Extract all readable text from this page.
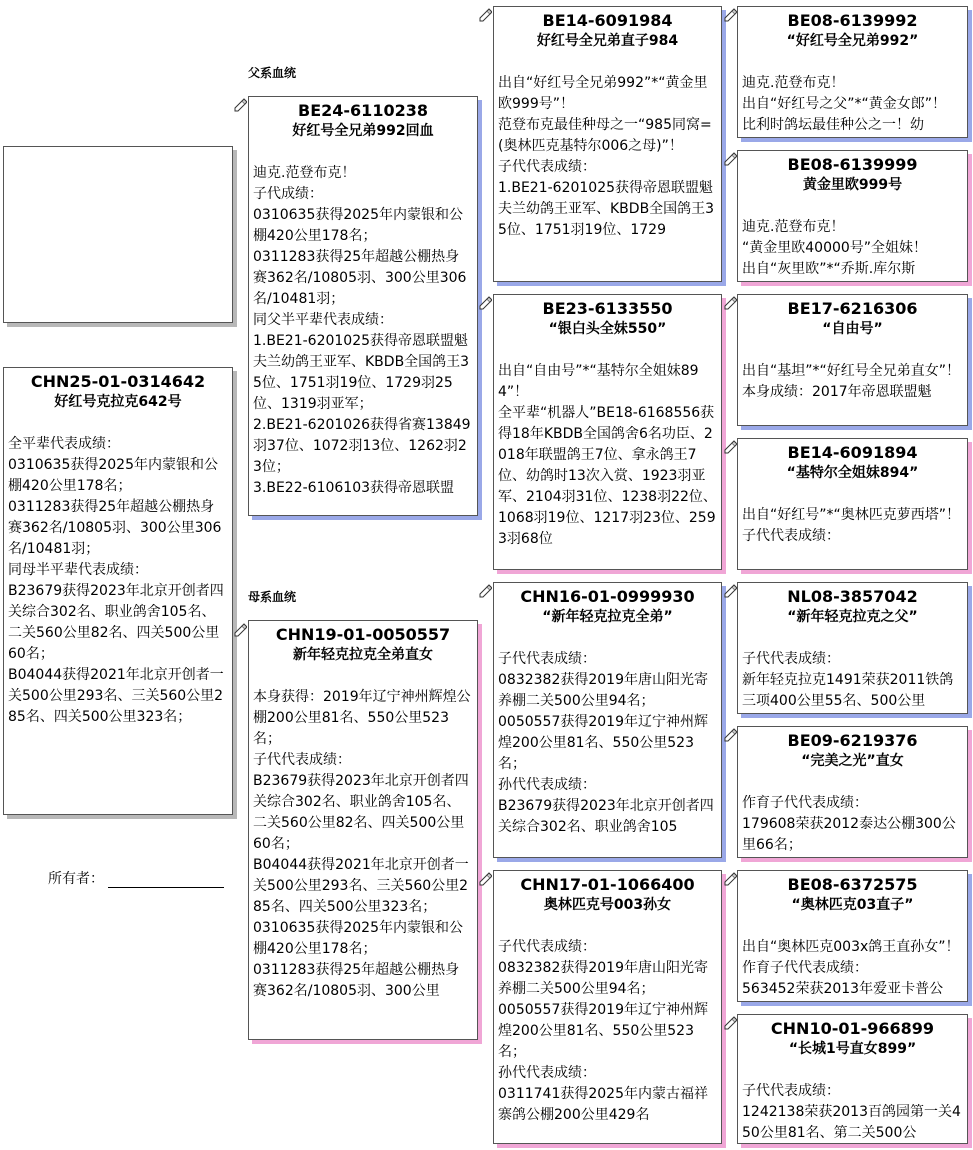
父系血统
母系血统
CHN25-01-0314642
好红号克拉克642号
全平辈代表成绩：
0310635获得2025年内蒙银和公棚420公里178名；
0311283获得25年超越公棚热身赛362名/10805羽、300公里306名/10481羽；
同母半平辈代表成绩：
B23679获得2023年北京开创者四关综合302名、职业鸽舍105名、二关560公里82名、四关500公里60名；
B04044获得2021年北京开创者一关500公里293名、三关560公里285名、四关500公里323名；
所有者：
BE24-6110238
好红号全兄弟992回血
迪克.范登布克！
子代成绩：
0310635获得2025年内蒙银和公棚420公里178名；
0311283获得25年超越公棚热身赛362名/10805羽、300公里306名/10481羽；
同父半平辈代表成绩：
1.BE21-6201025获得帝恩联盟魁夫兰幼鸽王亚军、KBDB全国鸽王35位、1751羽19位、1729羽25位、1319羽亚军；
2.BE21-6201026获得省赛13849羽37位、1072羽13位、1262羽23位；
3.BE22-6106103获得帝恩联盟
CHN19-01-0050557
新年轻克拉克全弟直女
本身获得：2019年辽宁神州辉煌公棚200公里81名、550公里523名；
子代代表成绩：
B23679获得2023年北京开创者四关综合302名、职业鸽舍105名、二关560公里82名、四关500公里60名；
B04044获得2021年北京开创者一关500公里293名、三关560公里285名、四关500公里323名；
0310635获得2025年内蒙银和公棚420公里178名；
0311283获得25年超越公棚热身赛362名/10805羽、300公里
BE14-6091984
好红号全兄弟直子984
出自“好红号全兄弟992”*“黄金里欧999号”！
范登布克最佳种母之一“985同窝=(奥林匹克基特尔006之母)”！
子代代表成绩：
1.BE21-6201025获得帝恩联盟魁夫兰幼鸽王亚军、KBDB全国鸽王35位、1751羽19位、1729
BE23-6133550
“银白头全妹550”
出自“自由号”*“基特尔全姐妹894”！
全平辈“机器人”BE18-6168556获得18年KBDB全国鸽舍6名功臣、2018年联盟鸽王7位、拿永鸽王7位、幼鸽时13次入赏、1923羽亚军、2104羽31位、1238羽22位、1068羽19位、1217羽23位、2593羽68位
CHN16-01-0999930
“新年轻克拉克全弟”
子代代表成绩：
0832382获得2019年唐山阳光寄养棚二关500公里94名；
0050557获得2019年辽宁神州辉煌200公里81名、550公里523名；
孙代代表成绩：
B23679获得2023年北京开创者四关综合302名、职业鸽舍105
CHN17-01-1066400
奥林匹克号003孙女
子代代表成绩：
0832382获得2019年唐山阳光寄养棚二关500公里94名；
0050557获得2019年辽宁神州辉煌200公里81名、550公里523名；
孙代代表成绩：
0311741获得2025年内蒙古福祥寨鸽公棚200公里429名
BE08-6139992
“好红号全兄弟992”
迪克.范登布克！
出自“好红号之父”*“黄金女郎”！
比利时鸽坛最佳种公之一！幼
BE08-6139999
黄金里欧999号
迪克.范登布克！
“黄金里欧40000号”全姐妹！
出自“灰里欧”*“乔斯.库尔斯
BE17-6216306
“自由号”
出自“基坦”*“好红号全兄弟直女”！
本身成绩：2017年帝恩联盟魁
BE14-6091894
“基特尔全姐妹894”
出自“好红号”*“奥林匹克萝西塔”！
子代代表成绩：
NL08-3857042
“新年轻克拉克之父”
子代代表成绩：
新年轻克拉克1491荣获2011铁鸽三项400公里55名、500公里
BE09-6219376
“完美之光”直女
作育子代代表成绩：
179608荣获2012泰达公棚300公里66名；
BE08-6372575
“奥林匹克03直子”
出自“奥林匹克003x鸽王直孙女”！作育子代代表成绩：
563452荣获2013年爱亚卡普公
CHN10-01-966899
“长城1号直女899”
子代代表成绩：
1242138荣获2013百鸽园第一关450公里81名、第二关500公
